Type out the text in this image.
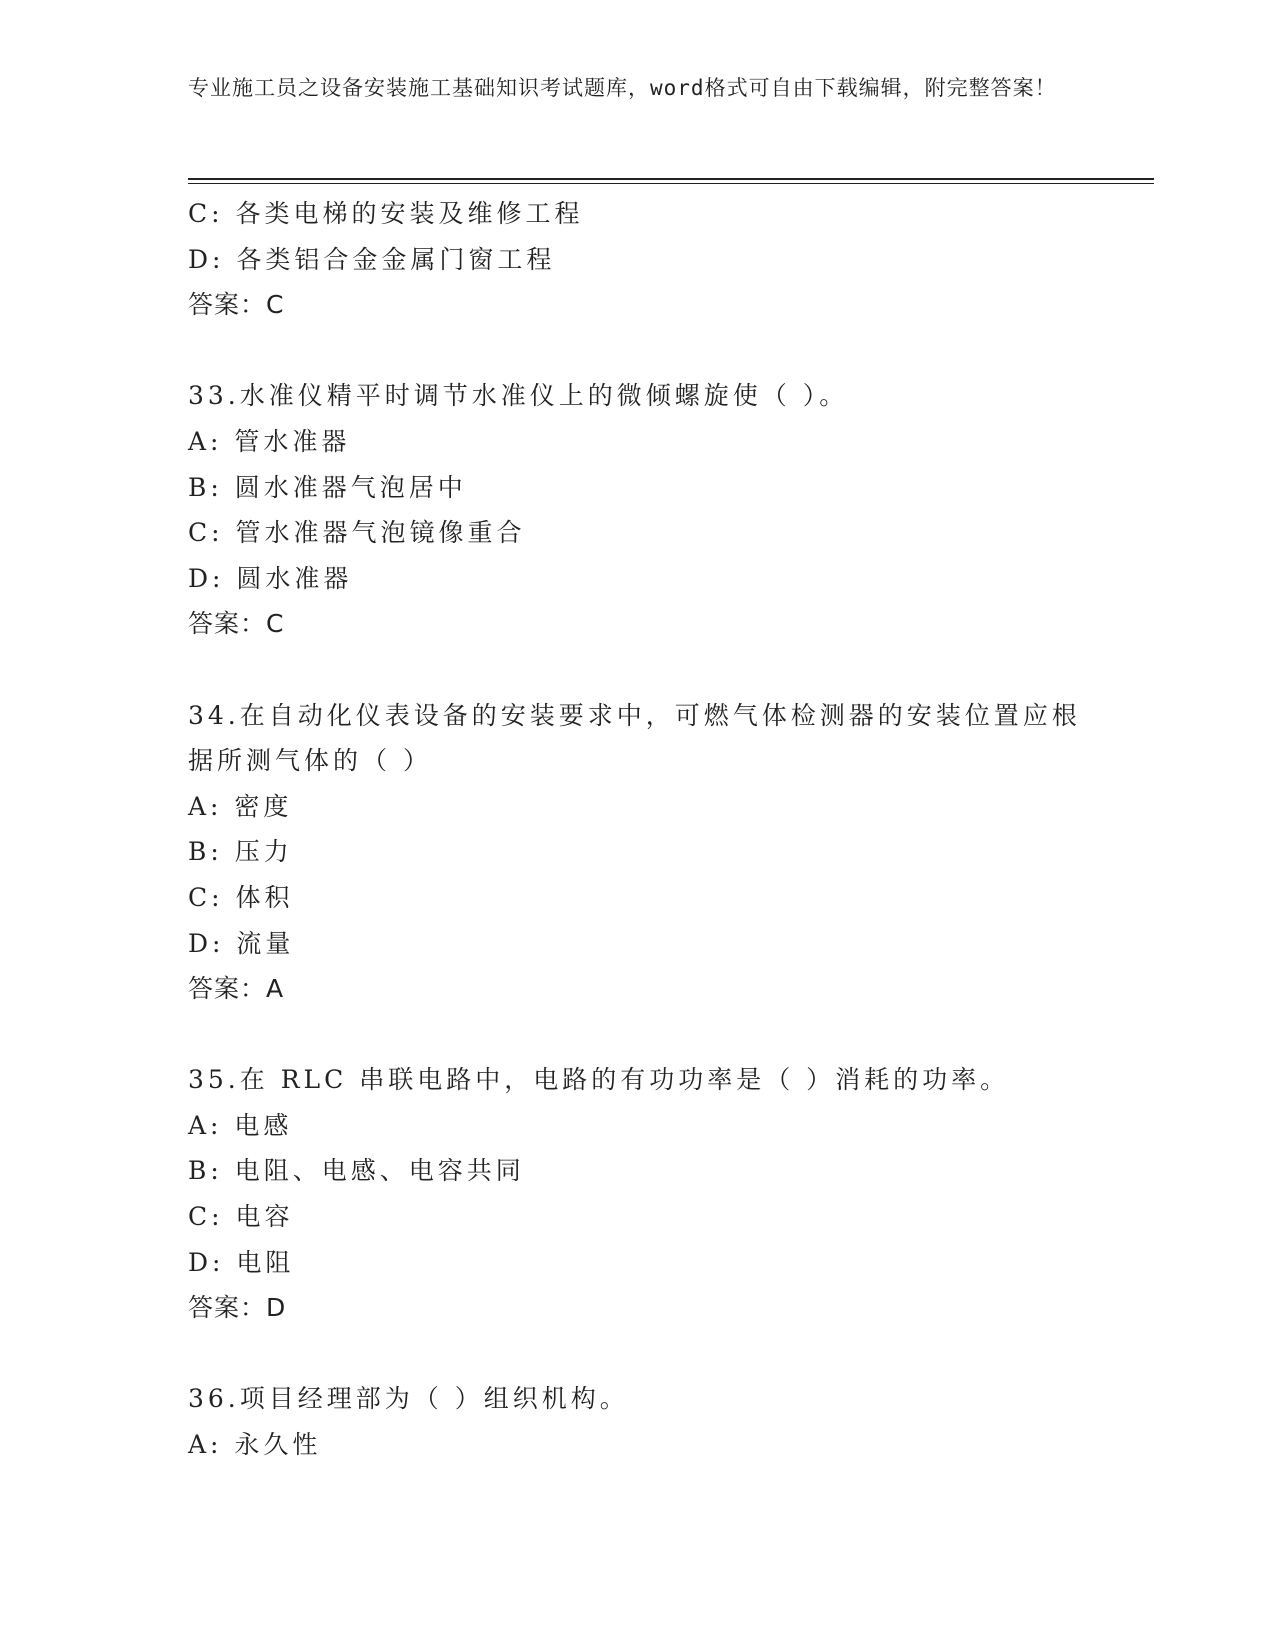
专业施工员之设备安装施工基础知识考试题库，word格式可自由下载编辑，附完整答案！
C: 各类电梯的安装及维修工程
D: 各类铝合金金属门窗工程
答案：C
33.水准仪精平时调节水准仪上的微倾螺旋使（ ）。
A: 管水准器
B: 圆水准器气泡居中
C: 管水准器气泡镜像重合
D: 圆水准器
答案：C
34.在自动化仪表设备的安装要求中，可燃气体检测器的安装位置应根
据所测气体的（ ）
A: 密度
B: 压力
C: 体积
D: 流量
答案：A
35.在 RLC 串联电路中，电路的有功功率是（ ）消耗的功率。
A: 电感
B: 电阻、电感、电容共同
C: 电容
D: 电阻
答案：D
36.项目经理部为（ ）组织机构。
A: 永久性
